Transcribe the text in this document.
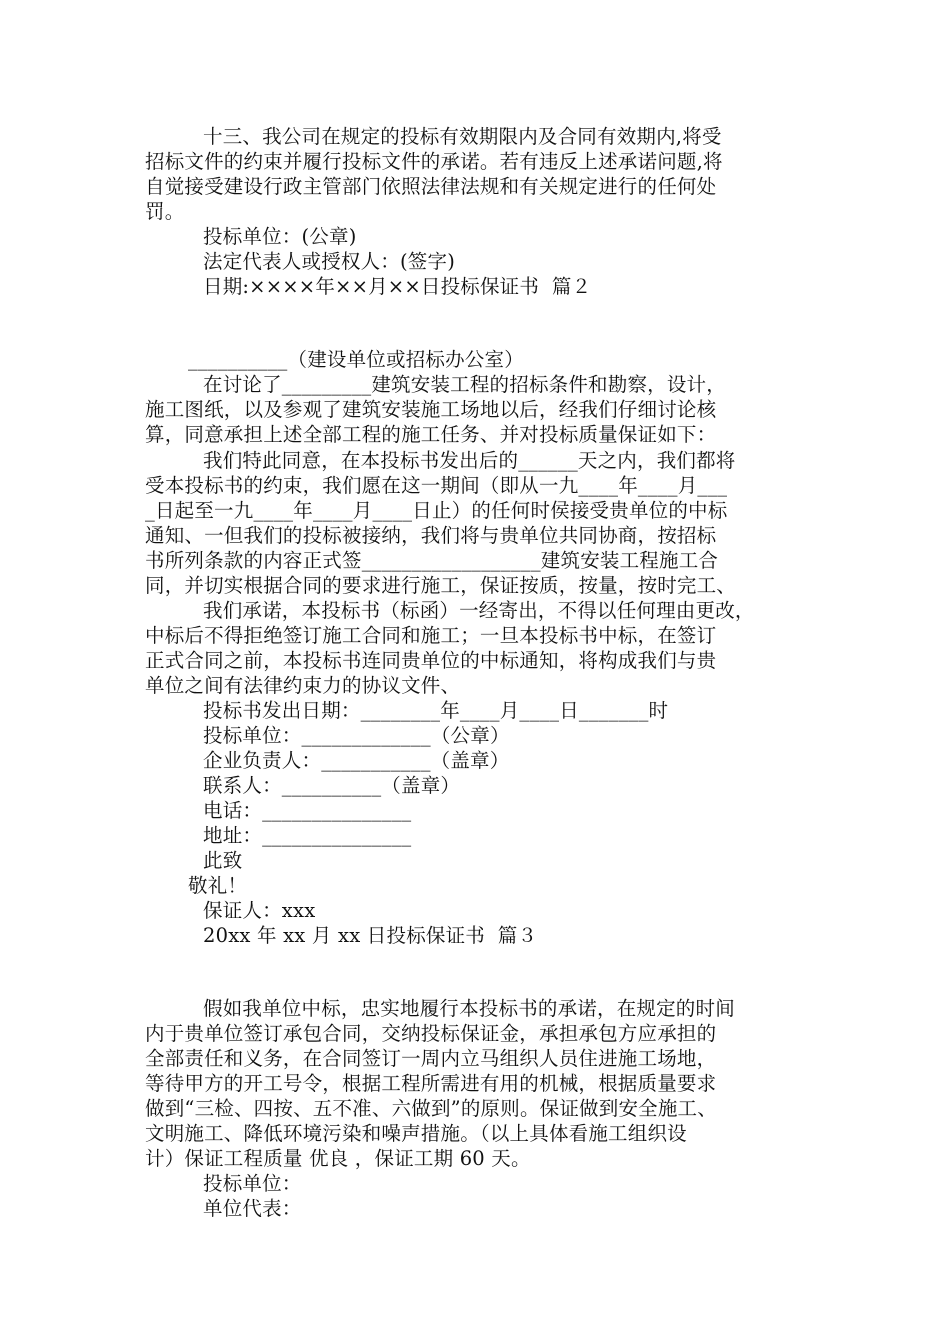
十三、我公司在规定的投标有效期限内及合同有效期内,将受
招标文件的约束并履行投标文件的承诺。若有违反上述承诺问题,将
自觉接受建设行政主管部门依照法律法规和有关规定进行的任何处
罚。
投标单位：(公章)
法定代表人或授权人：(签字)
日期:××××年××月××日投标保证书  篇２
__________（建设单位或招标办公室）
在讨论了_________建筑安装工程的招标条件和勘察，设计，
施工图纸，以及参观了建筑安装施工场地以后，经我们仔细讨论核
算，同意承担上述全部工程的施工任务、并对投标质量保证如下：
我们特此同意，在本投标书发出后的______天之内，我们都将
受本投标书的约束，我们愿在这一期间（即从一九____年____月___
_日起至一九____年____月____日止）的任何时侯接受贵单位的中标
通知、一但我们的投标被接纳，我们将与贵单位共同协商，按招标
书所列条款的内容正式签__________________建筑安装工程施工合
同，并切实根据合同的要求进行施工，保证按质，按量，按时完工、
我们承诺，本投标书（标函）一经寄出，不得以任何理由更改，
中标后不得拒绝签订施工合同和施工；一旦本投标书中标，在签订
正式合同之前，本投标书连同贵单位的中标通知，将构成我们与贵
单位之间有法律约束力的协议文件、
投标书发出日期：________年____月____日_______时
投标单位：_____________（公章）
企业负责人：___________（盖章）
联系人：__________（盖章）
电话：_______________
地址：_______________
此致
敬礼！
保证人：xxx
20xx 年 xx 月 xx 日投标保证书  篇３
假如我单位中标，忠实地履行本投标书的承诺，在规定的时间
内于贵单位签订承包合同，交纳投标保证金，承担承包方应承担的
全部责任和义务，在合同签订一周内立马组织人员住进施工场地，
等待甲方的开工号令，根据工程所需进有用的机械，根据质量要求
做到“三检、四按、五不准、六做到”的原则。保证做到安全施工、
文明施工、降低环境污染和噪声措施。（以上具体看施工组织设
计）保证工程质量 优良 ，保证工期 60 天。
投标单位：
单位代表：
